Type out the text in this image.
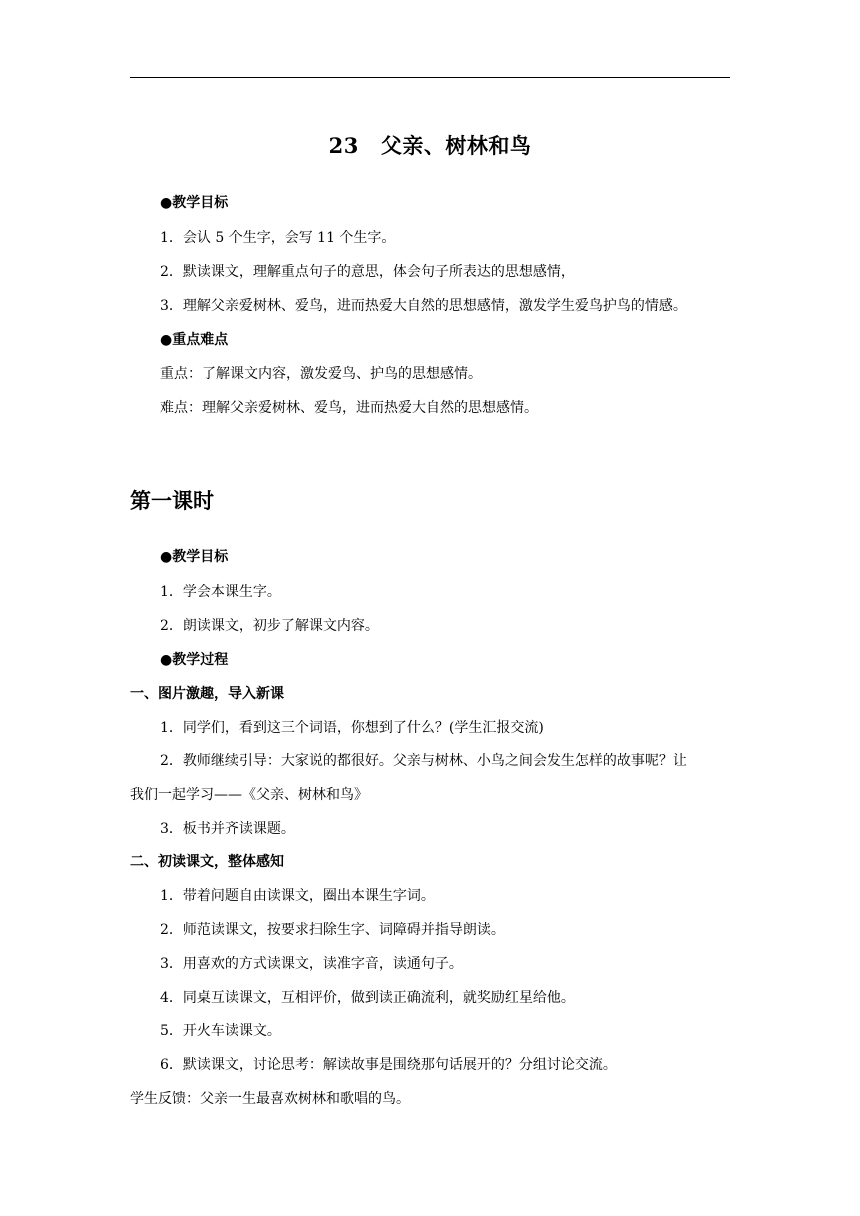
23 父亲、树林和鸟
●教学目标
1．会认 5 个生字，会写 11 个生字。
2．默读课文，理解重点句子的意思，体会句子所表达的思想感情，
3．理解父亲爱树林、爱鸟，进而热爱大自然的思想感情，激发学生爱鸟护鸟的情感。
●重点难点
重点：了解课文内容，激发爱鸟、护鸟的思想感情。
难点：理解父亲爱树林、爱鸟，进而热爱大自然的思想感情。
第一课时
●教学目标
1．学会本课生字。
2．朗读课文，初步了解课文内容。
●教学过程
一、图片激趣，导入新课
1．同学们，看到这三个词语，你想到了什么？(学生汇报交流)
2．教师继续引导：大家说的都很好。父亲与树林、小鸟之间会发生怎样的故事呢？让
我们一起学习——《父亲、树林和鸟》
3．板书并齐读课题。
二、初读课文，整体感知
1．带着问题自由读课文，圈出本课生字词。
2．师范读课文，按要求扫除生字、词障碍并指导朗读。
3．用喜欢的方式读课文，读准字音，读通句子。
4．同桌互读课文，互相评价，做到读正确流利，就奖励红星给他。
5．开火车读课文。
6．默读课文，讨论思考：解读故事是围绕那句话展开的？分组讨论交流。
学生反馈：父亲一生最喜欢树林和歌唱的鸟。
